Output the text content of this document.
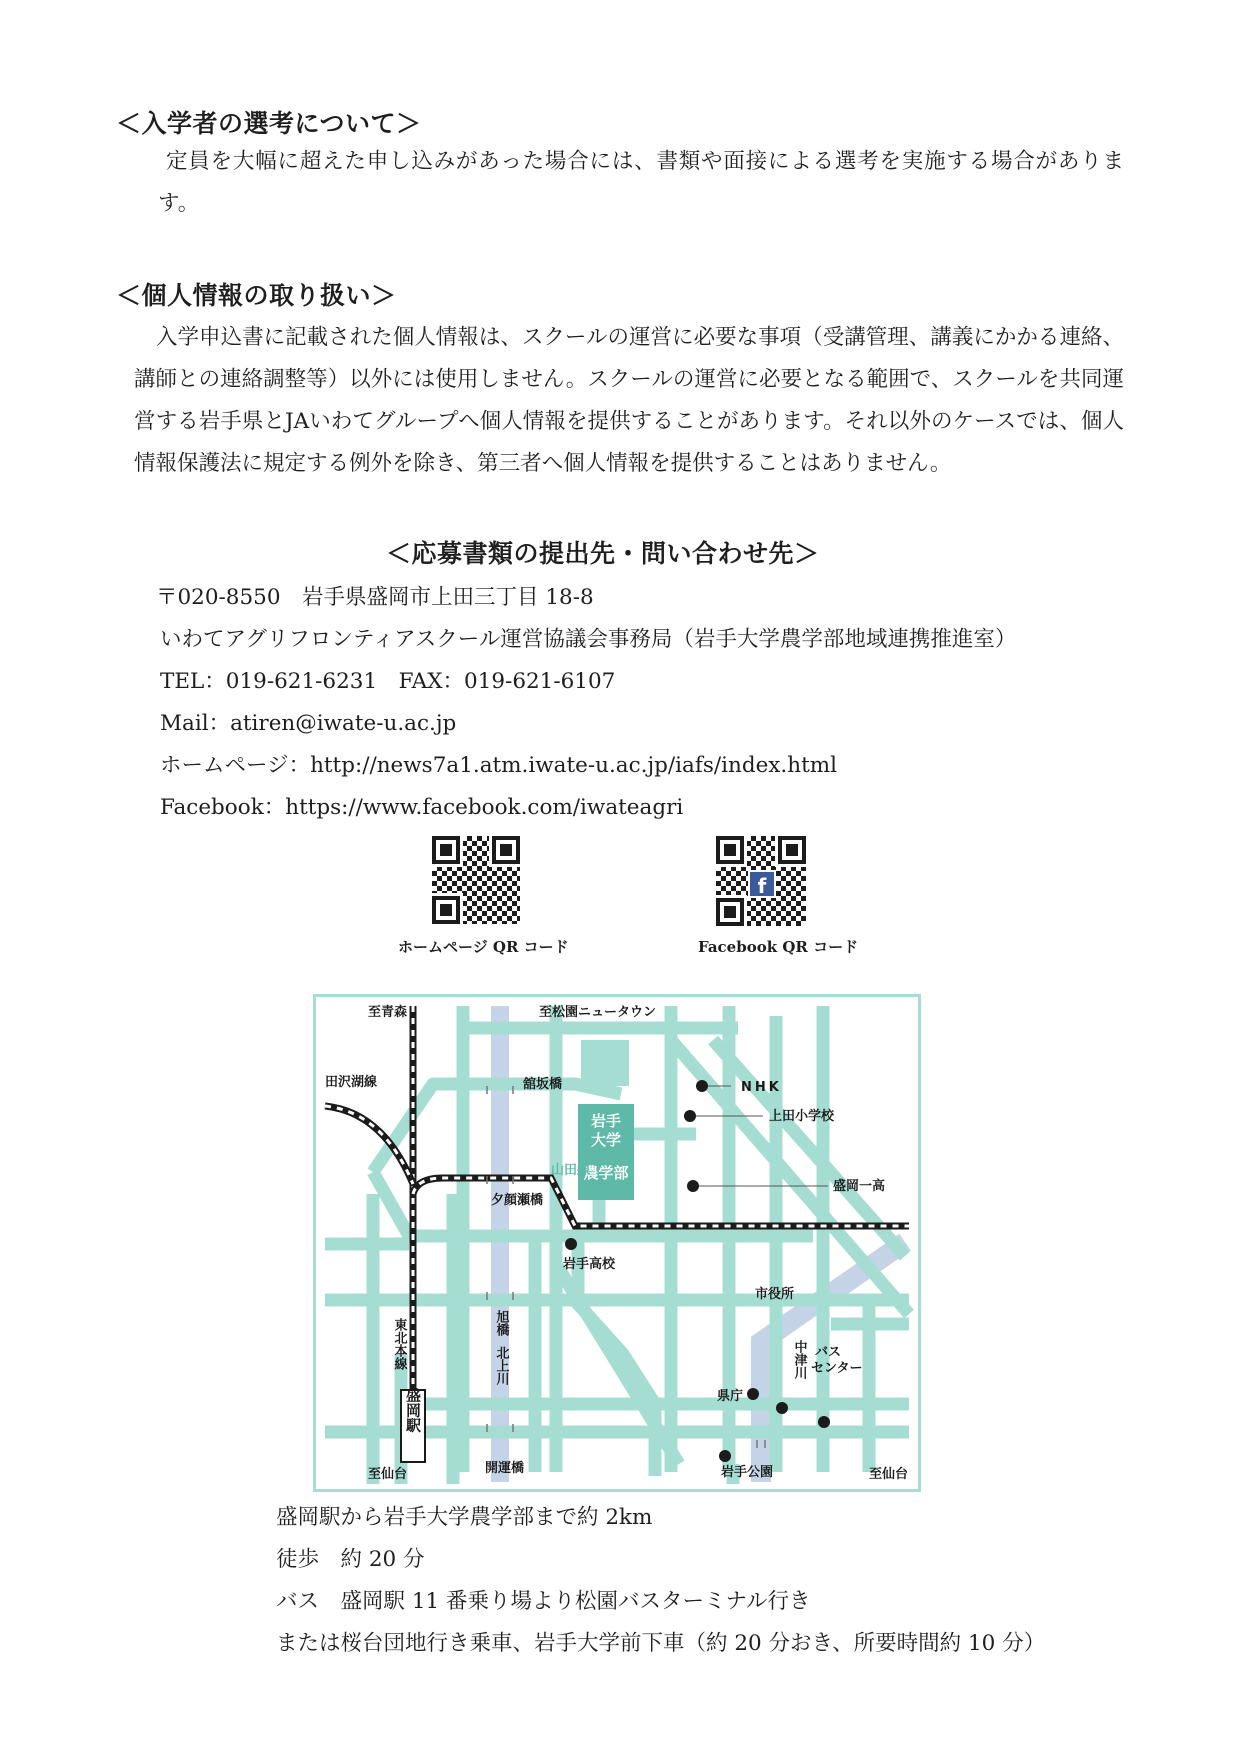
＜入学者の選考について＞

定員を大幅に超えた申し込みがあった場合には、書類や面接による選考を実施する場合があります。

＜個人情報の取り扱い＞

入学申込書に記載された個人情報は、スクールの運営に必要な事項（受講管理、講義にかかる連絡、講師との連絡調整等）以外には使用しません。スクールの運営に必要となる範囲で、スクールを共同運営する岩手県とJAいわてグループへ個人情報を提供することがあります。それ以外のケースでは、個人情報保護法に規定する例外を除き、第三者へ個人情報を提供することはありません。

＜応募書類の提出先・問い合わせ先＞

〒020-8550　岩手県盛岡市上田三丁目 18-8

いわてアグリフロンティアスクール運営協議会事務局（岩手大学農学部地域連携推進室）

TEL：019-621-6231　FAX：019-621-6107

Mail：atiren@iwate-u.ac.jp

ホームページ：http://news7a1.atm.iwate-u.ac.jp/iafs/index.html

Facebook：https://www.facebook.com/iwateagri

ホームページ QR コード

f

Facebook QR コード

岩手
大学
農学部
盛岡駅
至青森	至松園ニュータウン
田沢湖線	舘坂橋	NHK
上田小学校
山田線
盛岡一高
夕顔瀬橋
岩手高校
市役所
東北本線	旭橋
北上川	中津川 バス
センター
県庁
至仙台	開運橋	岩手公園	至仙台

盛岡駅から岩手大学農学部まで約 2km

徒歩　約 20 分

バス　盛岡駅 11 番乗り場より松園バスターミナル行き

または桜台団地行き乗車、岩手大学前下車（約 20 分おき、所要時間約 10 分）
